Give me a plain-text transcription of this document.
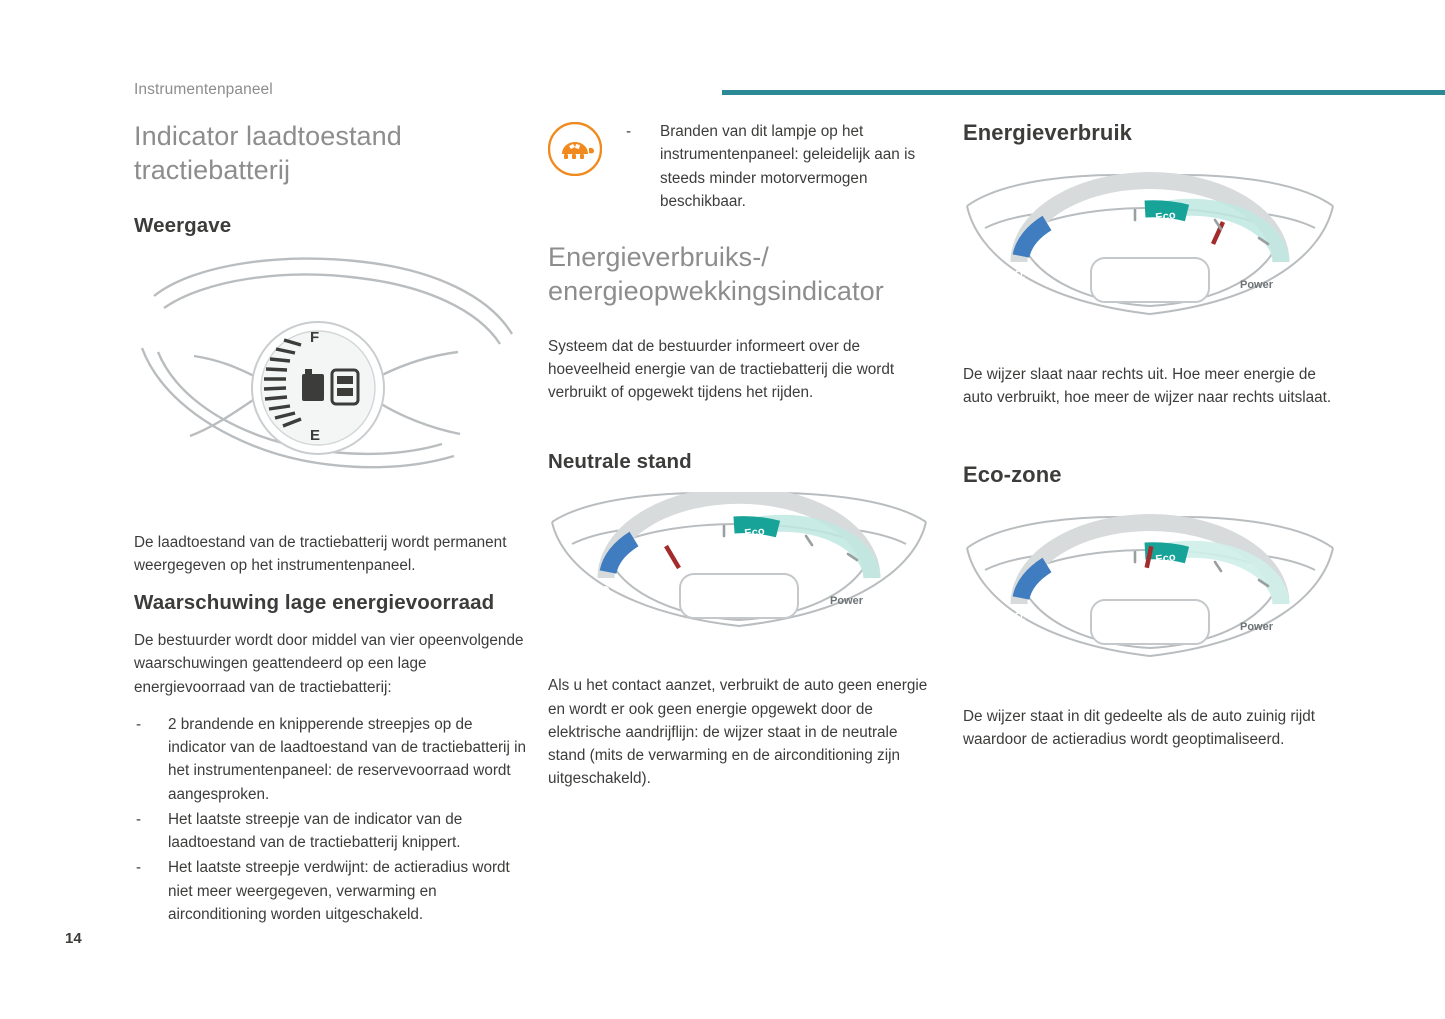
Instrumentenpaneel
14
Indicator laadtoestand tractiebatterij
Weergave
F
E

De laadtoestand van de tractiebatterij wordt permanent weergegeven op het instrumentenpaneel.

Waarschuwing lage energievoorraad

De bestuurder wordt door middel van vier opeenvolgende waarschuwingen geattendeerd op een lage energievoorraad van de tractiebatterij:

- 2 brandende en knipperende streepjes op de indicator van de laadtoestand van de tractiebatterij in het instrumentenpaneel: de reservevoorraad wordt aangesproken.
- Het laatste streepje van de indicator van de laadtoestand van de tractiebatterij knippert.
- Het laatste streepje verdwijnt: de actieradius wordt niet meer weergegeven, verwarming en airconditioning worden uitgeschakeld.
- Branden van dit lampje op het instrumentenpaneel: geleidelijk aan is steeds minder motorvermogen beschikbaar.
Energieverbruiks-/ energieopwekkingsindicator

Systeem dat de bestuurder informeert over de hoeveelheid energie van de tractiebatterij die wordt verbruikt of opgewekt tijdens het rijden.

Neutrale stand
Eco
Charge	Power

Als u het contact aanzet, verbruikt de auto geen energie en wordt er ook geen energie opgewekt door de elektrische aandrijflijn: de wijzer staat in de neutrale stand (mits de verwarming en de airconditioning zijn uitgeschakeld).

Energieverbruik
Eco
Charge	Power

De wijzer slaat naar rechts uit. Hoe meer energie de auto verbruikt, hoe meer de wijzer naar rechts uitslaat.

Eco-zone
Eco
Charge	Power

De wijzer staat in dit gedeelte als de auto zuinig rijdt waardoor de actieradius wordt geoptimaliseerd.
